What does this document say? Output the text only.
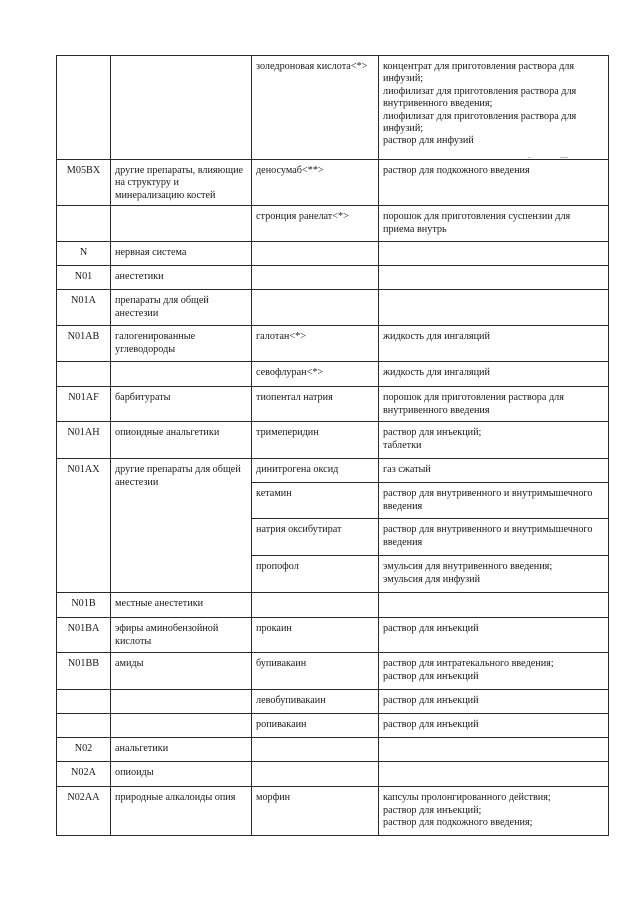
		золедроновая кислота<*>	концентрат для приготовления раствора для инфузий;
лиофилизат для приготовления раствора для внутривенного введения;
лиофилизат для приготовления раствора для инфузий;
раствор для инфузий
M05BX	другие препараты, влияющие на структуру и минерализацию костей	деносумаб<**>	раствор для подкожного введения
		стронция ранелат<*>	порошок для приготовления суспензии для приема внутрь
N	нервная система		
N01	анестетики		
N01A	препараты для общей анестезии		
N01AB	галогенированные углеводороды	галотан<*>	жидкость для ингаляций
		севофлуран<*>	жидкость для ингаляций
N01AF	барбитураты	тиопентал натрия	порошок для приготовления раствора для внутривенного введения
N01AH	опиоидные анальгетики	тримеперидин	раствор для инъекций;
таблетки
N01AX	другие препараты для общей анестезии	динитрогена оксид	газ сжатый
		кетамин	раствор для внутривенного и внутримышечного введения
		натрия оксибутират	раствор для внутривенного и внутримышечного введения
		пропофол	эмульсия для внутривенного введения;
эмульсия для инфузий
N01B	местные анестетики		
N01BA	эфиры аминобензойной кислоты	прокаин	раствор для инъекций
N01BB	амиды	бупивакаин	раствор для интратекального введения;
раствор для инъекций
		левобупивакаин	раствор для инъекций
		ропивакаин	раствор для инъекций
N02	анальгетики		
N02A	опиоиды		
N02AA	природные алкалоиды опия	морфин	капсулы пролонгированного действия;
раствор для инъекций;
раствор для подкожного введения;
